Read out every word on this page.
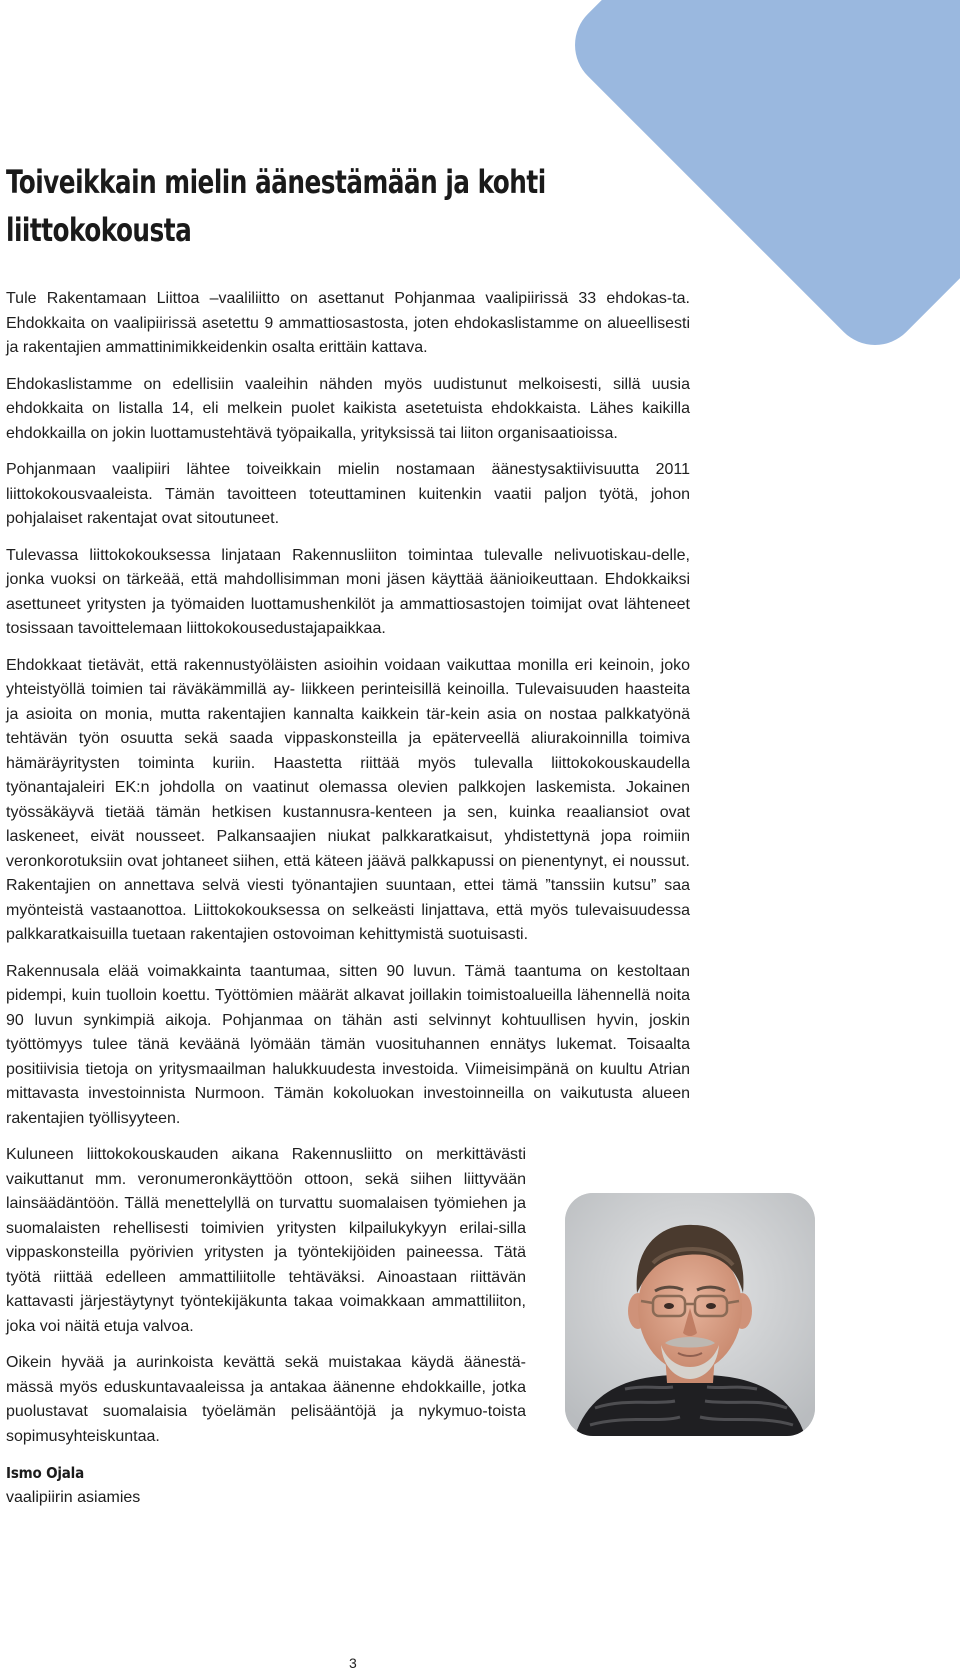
Toiveikkain mielin äänestämään ja kohti liittokokousta

Tule Rakentamaan Liittoa –vaaliliitto on asettanut Pohjanmaa vaalipiirissä 33 ehdokas-ta. Ehdokkaita on vaalipiirissä asetettu 9 ammattiosastosta, joten ehdokaslistamme on alueellisesti ja rakentajien ammattinimikkeidenkin osalta erittäin kattava.

Ehdokaslistamme on edellisiin vaaleihin nähden myös uudistunut melkoisesti, sillä uusia ehdokkaita on listalla 14, eli melkein puolet kaikista asetetuista ehdokkaista. Lähes kaikilla ehdokkailla on jokin luottamustehtävä työpaikalla, yrityksissä tai liiton organisaatioissa.

Pohjanmaan vaalipiiri lähtee toiveikkain mielin nostamaan äänestysaktiivisuutta 2011 liittokokousvaaleista. Tämän tavoitteen toteuttaminen kuitenkin vaatii paljon työtä, johon pohjalaiset rakentajat ovat sitoutuneet.

Tulevassa liittokokouksessa linjataan Rakennusliiton toimintaa tulevalle nelivuotiskau-delle, jonka vuoksi on tärkeää, että mahdollisimman moni jäsen käyttää äänioikeuttaan. Ehdokkaiksi asettuneet yritysten ja työmaiden luottamushenkilöt ja ammattiosastojen toimijat ovat lähteneet tosissaan tavoittelemaan liittokokousedustajapaikkaa.

Ehdokkaat tietävät, että rakennustyöläisten asioihin voidaan vaikuttaa monilla eri keinoin, joko yhteistyöllä toimien tai räväkämmillä ay- liikkeen perinteisillä keinoilla. Tulevaisuuden haasteita ja asioita on monia, mutta rakentajien kannalta kaikkein tär-kein asia on nostaa palkkatyönä tehtävän työn osuutta sekä saada vippaskonsteilla ja epäterveellä aliurakoinnilla toimiva hämäräyritysten toiminta kuriin. Haastetta riittää myös tulevalla liittokokouskaudella työnantajaleiri EK:n johdolla on vaatinut olemassa olevien palkkojen laskemista. Jokainen työssäkäyvä tietää tämän hetkisen kustannusra-kenteen ja sen, kuinka reaaliansiot ovat laskeneet, eivät nousseet. Palkansaajien niukat palkkaratkaisut, yhdistettynä jopa roimiin veronkorotuksiin ovat johtaneet siihen, että käteen jäävä palkkapussi on pienentynyt, ei noussut. Rakentajien on annettava selvä viesti työnantajien suuntaan, ettei tämä ”tanssiin kutsu” saa myönteistä vastaanottoa. Liittokokouksessa on selkeästi linjattava, että myös tulevaisuudessa palkkaratkaisuilla tuetaan rakentajien ostovoiman kehittymistä suotuisasti.

Rakennusala elää voimakkainta taantumaa, sitten 90 luvun. Tämä taantuma on kestoltaan pidempi, kuin tuolloin koettu. Työttömien määrät alkavat joillakin toimistoalueilla lähennellä noita 90 luvun synkimpiä aikoja. Pohjanmaa on tähän asti selvinnyt kohtuullisen hyvin, joskin työttömyys tulee tänä keväänä lyömään tämän vuosituhannen ennätys lukemat. Toisaalta positiivisia tietoja on yritysmaailman halukkuudesta investoida. Viimeisimpänä on kuultu Atrian mittavasta investoinnista Nurmoon. Tämän kokoluokan investoinneilla on vaikutusta alueen rakentajien työllisyyteen.

Kuluneen liittokokouskauden aikana Rakennusliitto on merkittävästi vaikuttanut mm. veronumeronkäyttöön ottoon, sekä siihen liittyvään lainsäädäntöön. Tällä menettelyllä on turvattu suomalaisen työmiehen ja suomalaisten rehellisesti toimivien yritysten kilpailukykyyn erilai-silla vippaskonsteilla pyörivien yritysten ja työntekijöiden paineessa. Tätä työtä riittää edelleen ammattiliitolle tehtäväksi. Ainoastaan riittävän kattavasti järjestäytynyt työntekijäkunta takaa voimakkaan ammattiliiton, joka voi näitä etuja valvoa.

Oikein hyvää ja aurinkoista kevättä sekä muistakaa käydä äänestä-mässä myös eduskuntavaaleissa ja antakaa äänenne ehdokkaille, jotka puolustavat suomalaisia työelämän pelisääntöjä ja nykymuo-toista sopimusyhteiskuntaa.

Ismo Ojala
vaalipiirin asiamies
3
